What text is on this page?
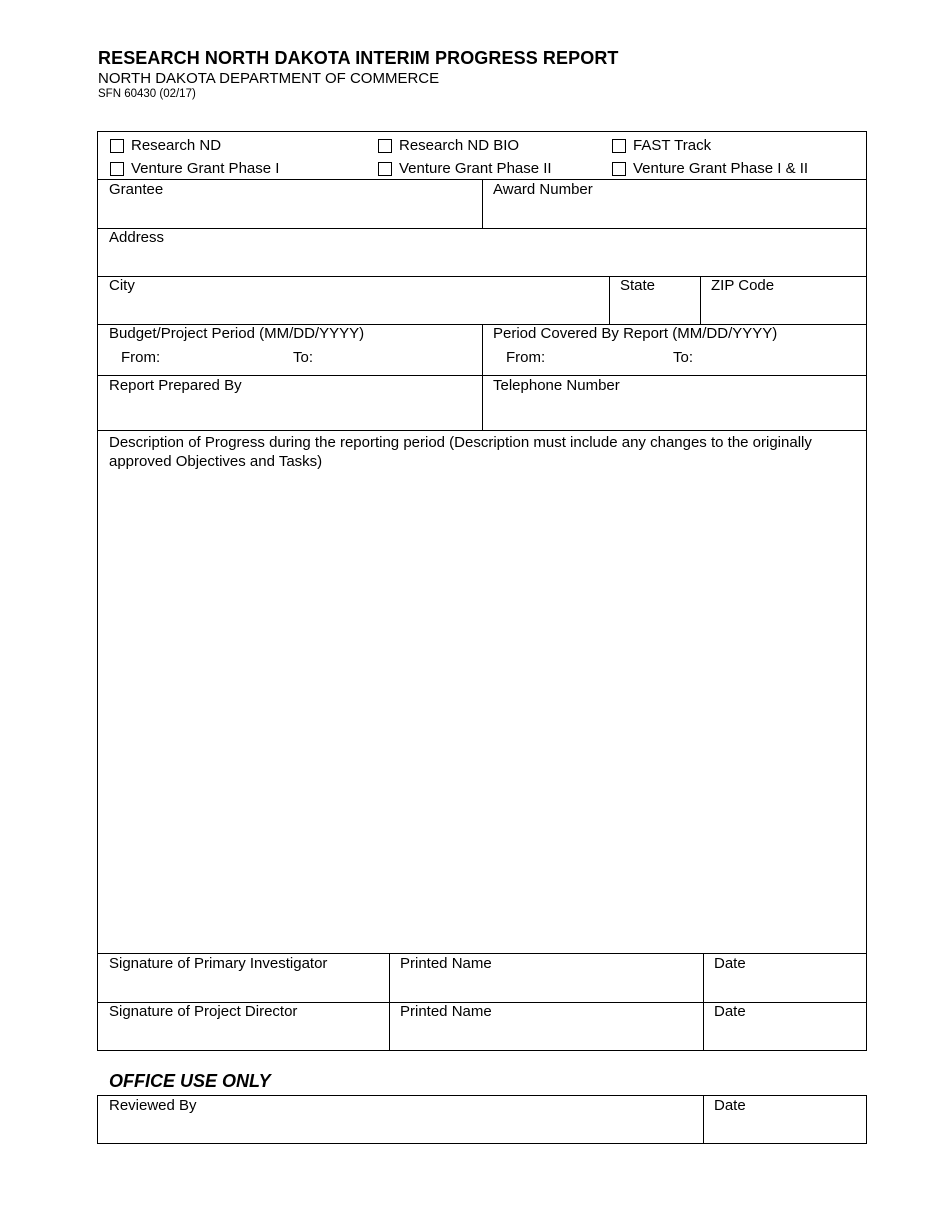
RESEARCH NORTH DAKOTA INTERIM PROGRESS REPORT
NORTH DAKOTA DEPARTMENT OF COMMERCE
SFN 60430 (02/17)
Research ND	Research ND BIO	FAST Track
Venture Grant Phase I	Venture Grant Phase II	Venture Grant Phase I & II
Grantee	Award Number
Address
City	State	ZIP Code
Budget/Project Period (MM/DD/YYYY)
From:	To:
Period Covered By Report (MM/DD/YYYY)
From:	To:
Report Prepared By	Telephone Number
Description of Progress during the reporting period (Description must include any changes to the originally approved Objectives and Tasks)
Signature of Primary Investigator	Printed Name	Date
Signature of Project Director	Printed Name	Date
OFFICE USE ONLY
Reviewed By	Date
